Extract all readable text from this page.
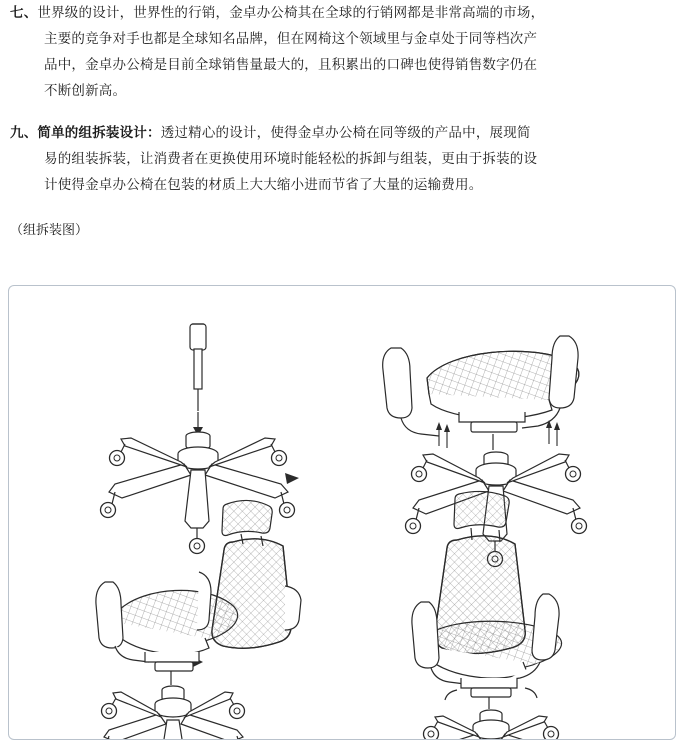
七、世界级的设计，世界性的行销，金卓办公椅其在全球的行销网都是非常高端的市场，
主要的竞争对手也都是全球知名品牌，但在网椅这个领域里与金卓处于同等档次产
品中，金卓办公椅是目前全球销售量最大的，且积累出的口碑也使得销售数字仍在
不断创新高。
九、简单的组拆装设计：透过精心的设计，使得金卓办公椅在同等级的产品中，展现简
易的组装拆装，让消费者在更换使用环境时能轻松的拆卸与组装，更由于拆装的设
计使得金卓办公椅在包装的材质上大大缩小进而节省了大量的运输费用。
（组拆装图）
